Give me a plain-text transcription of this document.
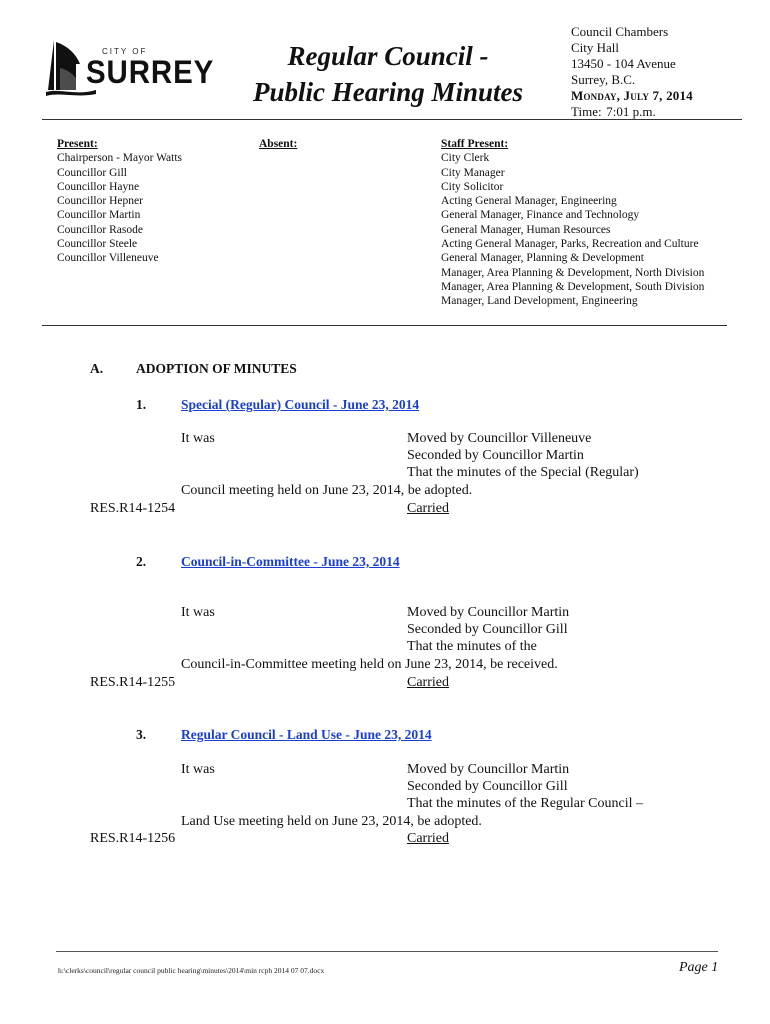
CITY OF
SURREY	Regular Council -
Public Hearing Minutes
Council Chambers
City Hall
13450 - 104 Avenue
Surrey, B.C.
Monday, July 7, 2014
Time: 7:01 p.m.
Present:
Chairperson - Mayor Watts
Councillor Gill
Councillor Hayne
Councillor Hepner
Councillor Martin
Councillor Rasode
Councillor Steele
Councillor Villeneuve
Absent:	Staff Present:
City Clerk
City Manager
City Solicitor
Acting General Manager, Engineering
General Manager, Finance and Technology
General Manager, Human Resources
Acting General Manager, Parks, Recreation and Culture
General Manager, Planning & Development
Manager, Area Planning & Development, North Division
Manager, Area Planning & Development, South Division
Manager, Land Development, Engineering
A. ADOPTION OF MINUTES
1.	Special (Regular) Council - June 23, 2014
It was	Moved by Councillor Villeneuve
Seconded by Councillor Martin
That the minutes of the Special (Regular)
Council meeting held on June 23, 2014, be adopted.
RES.R14-1254	Carried
2.	Council-in-Committee - June 23, 2014
It was	Moved by Councillor Martin
Seconded by Councillor Gill
That the minutes of the
Council-in-Committee meeting held on June 23, 2014, be received.
RES.R14-1255	Carried
3.	Regular Council - Land Use - June 23, 2014
It was	Moved by Councillor Martin
Seconded by Councillor Gill
That the minutes of the Regular Council –
Land Use meeting held on June 23, 2014, be adopted.
RES.R14-1256	Carried
h:\clerks\council\regular council public hearing\minutes\2014\min rcph 2014 07 07.docx	Page 1
